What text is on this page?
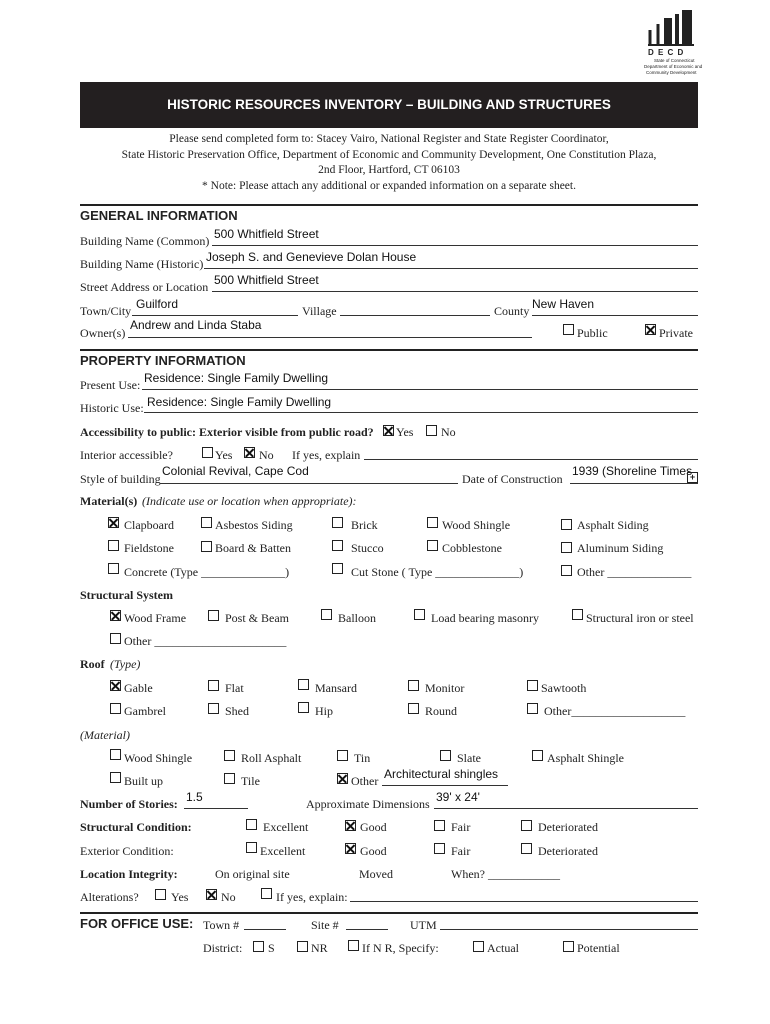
D E C D
State of Connecticut
Department of Economic and
Community Development
HISTORIC RESOURCES INVENTORY – BUILDING AND STRUCTURES
Please send completed form to: Stacey Vairo, National Register and State Register Coordinator,
State Historic Preservation Office, Department of Economic and Community Development, One Constitution Plaza,
2nd Floor, Hartford, CT 06103
* Note: Please attach any additional or expanded information on a separate sheet.
GENERAL INFORMATION
Building Name (Common) 500 Whitfield Street
Building Name (Historic) Joseph S. and Genevieve Dolan House
Street Address or Location 500 Whitfield Street
Town/City Guilford	Village	County New Haven
Owner(s)
Andrew and Linda Staba
Public	Private
PROPERTY INFORMATION
Present Use: Residence: Single Family Dwelling
Historic Use: Residence: Single Family Dwelling
Accessibility to public: Exterior visible from public road? Yes No
Interior accessible?	Yes No If yes, explain
Style of building
Colonial Revival, Cape Cod
Date of Construction
1939 (Shoreline Times
+
Material(s) (Indicate use or location when appropriate):
Clapboard	Asbestos Siding	Brick	Wood Shingle	Asphalt Siding
Fieldstone	Board & Batten	Stucco	Cobblestone	Aluminum Siding
Concrete (Type ______________)	Cut Stone ( Type ______________)	Other ______________
Structural System
Wood Frame	Post & Beam	Balloon	Load bearing masonry	Structural iron or steel
Other ______________________
Roof (Type)
Gable	Flat	Mansard	Monitor	Sawtooth
Gambrel	Shed	Hip	Round	Other___________________
(Material)
Wood Shingle	Roll Asphalt	Tin	Slate	Asphalt Shingle
Built up	Tile	Other Architectural shingles
Number of Stories: 1.5	Approximate Dimensions 39' x 24'
Structural Condition:	Excellent	Good	Fair	Deteriorated
Exterior Condition:	Excellent	Good	Fair	Deteriorated
Location Integrity:	On original site	Moved	When? ____________
Alterations?	Yes	No	If yes, explain:
FOR OFFICE USE: Town #	Site #	UTM
District: S	NR	If N R, Specify:	Actual	Potential
